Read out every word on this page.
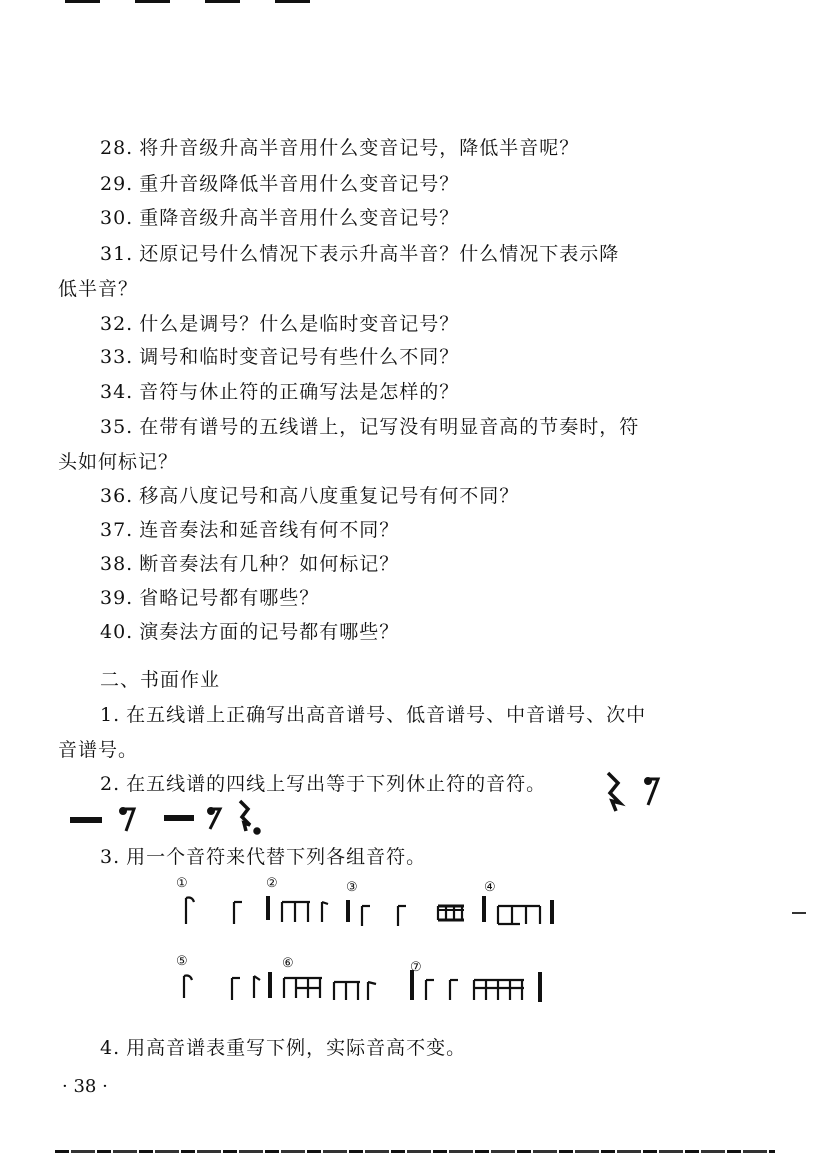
28. 将升音级升高半音用什么变音记号，降低半音呢？
29. 重升音级降低半音用什么变音记号？
30. 重降音级升高半音用什么变音记号？
31. 还原记号什么情况下表示升高半音？什么情况下表示降
低半音？
32. 什么是调号？什么是临时变音记号？
33. 调号和临时变音记号有些什么不同？
34. 音符与休止符的正确写法是怎样的？
35. 在带有谱号的五线谱上，记写没有明显音高的节奏时，符
头如何标记？
36. 移高八度记号和高八度重复记号有何不同？
37. 连音奏法和延音线有何不同？
38. 断音奏法有几种？如何标记？
39. 省略记号都有哪些？
40. 演奏法方面的记号都有哪些？
二、书面作业
1. 在五线谱上正确写出高音谱号、低音谱号、中音谱号、次中
音谱号。
2. 在五线谱的四线上写出等于下列休止符的音符。
3. 用一个音符来代替下列各组音符。
①	②	③	④
⑤	⑥	⑦
4. 用高音谱表重写下例，实际音高不变。
· 38 ·
